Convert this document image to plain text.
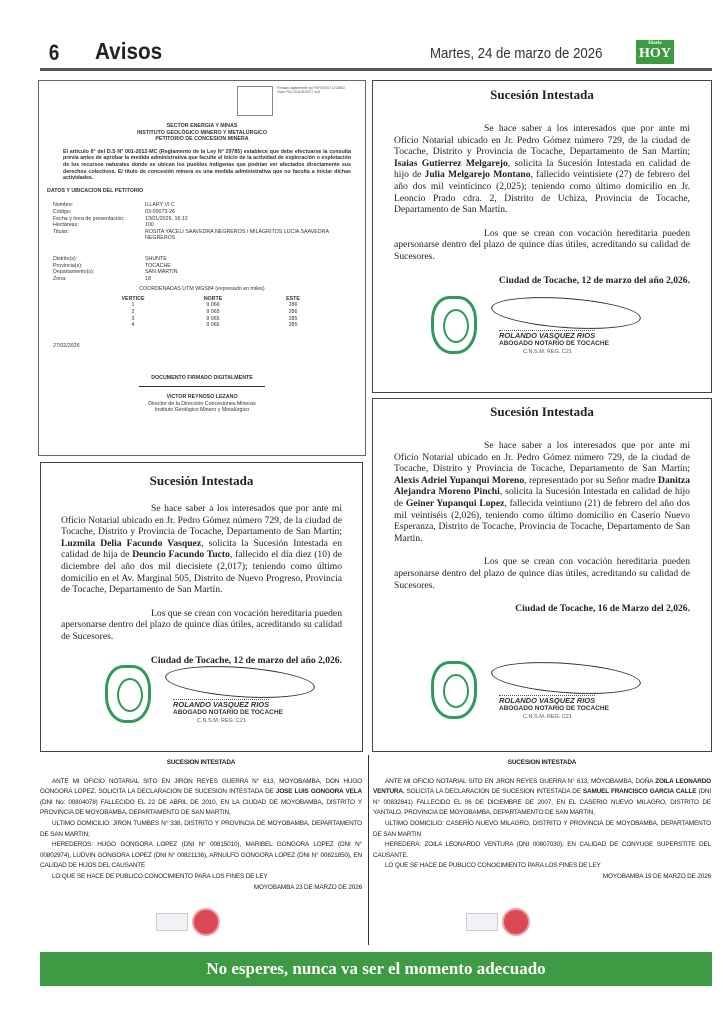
6 Avisos	Martes, 24 de marzo de 2026
Diario
HOY
Firmado digitalmente por REYNOSO LEZANO Victor FAU 20112919377 soft
SECTOR ENERGIA Y MINAS
INSTITUTO GEOLÓGICO MINERO Y METALÚRGICO
PETITORIO DE CONCESION MINERA
El artículo 6° del D.S N° 001-2012-MC (Reglamento de la Ley N° 29785) establece que debe efectuarse la consulta previa antes de aprobar la medida administrativa que faculte el inicio de la actividad de exploración o explotación de los recursos naturales donde se ubican los pueblos indígenas que podrían ver afectados directamente sus derechos colectivos. El título de concesión minera es una medida administrativa que no faculta a iniciar dichas actividades.
DATOS Y UBICACION DEL PETITORIO
Nombre:	ILLARY VI C
Código:	03-00073-26
Fecha y hora de presentación:	13/01/2026, 16:12
Hectáreas:	100
Titular:	ROSITA YACELI SAAVEDRA NEGREROS / MILAGRITOS LUCIA SAAVEDRA NEGREROS
Distrito(s):	SHUNTE
Provincia(s):	TOCACHE
Departamento(s):	SAN MARTIN
Zona:	18
COORDENADAS UTM WGS84 (expresado en miles)
VERTICE	NORTE	ESTE
1	9 066	286
2	9 065	286
3	9 065	285
4	9 066	285
27/02/2026
DOCUMENTO FIRMADO DIGITALMENTE
VICTOR REYNOSO LEZANO
Director de la Dirección Concesiones Mineras
Instituto Geológico Minero y Metalúrgico
Sucesión Intestada

Se hace saber a los interesados que por ante mi Oficio Notarial ubicado en Jr. Pedro Gómez número 729, de la ciudad de Tocache, Distrito y Provincia de Tocache, Departamento de San Martín; Luzmila Delia Facundo Vasquez, solicita la Sucesión Intestada en calidad de hija de Deuncio Facundo Tucto, fallecido el día diez (10) de diciembre del año dos mil diecisiete (2,017); teniendo como último domicilio en el Av. Marginal 505, Distrito de Nuevo Progreso, Provincia de Tocache, Departamento de San Martín.

Los que se crean con vocación hereditaria pueden apersonarse dentro del plazo de quince días útiles, acreditando su calidad de Sucesores.

Ciudad de Tocache, 12 de marzo del año 2,026.
ROLANDO VASQUEZ RIOS
ABOGADO NOTARIO DE TOCACHE
C.N.S.M. REG. C21
Sucesión Intestada

Se hace saber a los interesados que por ante mi Oficio Notarial ubicado en Jr. Pedro Gómez número 729, de la ciudad de Tocache, Distrito y Provincia de Tocache, Departamento de San Martín; Isaias Gutierrez Melgarejo, solicita la Sucesión Intestada en calidad de hijo de Julia Melgarejo Montano, fallecido veintisiete (27) de febrero del año dos mil veinticinco (2,025); teniendo como último domicilio en Jr. Leoncio Prado cdra. 2, Distrito de Uchiza, Provincia de Tocache, Departamento de San Martín.

Los que se crean con vocación hereditaria pueden apersonarse dentro del plazo de quince días útiles, acreditando su calidad de Sucesores.

Ciudad de Tocache, 12 de marzo del año 2,026.
ROLANDO VASQUEZ RIOS
ABOGADO NOTARIO DE TOCACHE
C.N.S.M. REG. C21
Sucesión Intestada

Se hace saber a los interesados que por ante mi Oficio Notarial ubicado en Jr. Pedro Gómez número 729, de la ciudad de Tocache, Distrito y Provincia de Tocache, Departamento de San Martín; Alexis Adriel Yupanqui Moreno, representado por su Señor madre Danitza Alejandra Moreno Pinchi, solicita la Sucesión Intestada en calidad de hijo de Geiner Yupanqui Lopez, fallecida veintiuno (21) de febrero del año dos mil veintiséis (2,026), teniendo como último domicilio en Caserío Nuevo Esperanza, Distrito de Tocache, Provincia de Tocache, Departamento de San Martín.

Los que se crean con vocación hereditaria pueden apersonarse dentro del plazo de quince días útiles, acreditando su calidad de Sucesores.

Ciudad de Tocache, 16 de Marzo del 2,026.
ROLANDO VASQUEZ RIOS
ABOGADO NOTARIO DE TOCACHE
C.N.S.M. REG. C21

SUCESION INTESTADA

ANTE MI OFICIO NOTARIAL SITO EN JIRON REYES GUERRA N° 613, MOYOBAMBA, DON HUGO GONGORA LOPEZ, SOLICITA LA DECLARACION DE SUCESION INTESTADA DE JOSE LUIS GONGORA VELA (DNI No: 00804078) FALLECIDO EL 22 DE ABRIL DE 2010, EN LA CIUDAD DE MOYOBAMBA, DISTRITO Y PROVINCIA DE MOYOBAMBA, DEPARTAMENTO DE SAN MARTIN,

ULTIMO DOMICILIO: JIRON TUMBES N° 338, DISTRITO Y PROVINCIA DE MOYOBAMBA, DEPARTAMENTO DE SAN MARTIN;

HEREDEROS: HUGO GONGORA LOPEZ (DNI N° 00815010), MARIBEL GONGORA LOPEZ (DNI N° 00802974), LUDVIN GONGORA LOPEZ (DNI N° 00821136), ARNULFO GONGORA LOPEZ (DNI N° 00821850), EN CALIDAD DE HIJOS DEL CAUSANTE

LO QUE SE HACE DE PUBLICO CONOCIMIENTO PARA LOS FINES DE LEY

MOYOBAMBA 23 DE MARZO DE 2026

SUCESION INTESTADA

ANTE MI OFICIO NOTARIAL SITO EN JIRON REYES GUERRA N° 613, MOYOBAMBA, DOÑA ZOILA LEONARDO VENTURA, SOLICITA LA DECLARACION DE SUCESION INTESTADA DE SAMUEL FRANCISCO GARCIA CALLE (DNI N° 00832841) FALLECIDO EL 06 DE DICIEMBRE DE 2007, EN EL CASERIO NUEVO MILAGRO, DISTRITO DE YANTALO, PROVINCIA DE MOYOBAMBA, DEPARTAMENTO DE SAN MARTIN,

ULTIMO DOMICILIO: CASERÍO NUEVO MILAGRO, DISTRITO Y PROVINCIA DE MOYOBAMBA, DEPARTAMENTO DE SAN MARTIN

HEREDERA: ZOILA LEONARDO VENTURA (DNI 00807030); EN CALIDAD DE CONYUGE SUPERSTITE DEL CAUSANTE.

LO QUE SE HACE DE PUBLICO CONOCIMIENTO PARA LOS FINES DE LEY

MOYOBAMBA 19 DE MARZO DE 2026

No esperes, nunca va ser el momento adecuado
